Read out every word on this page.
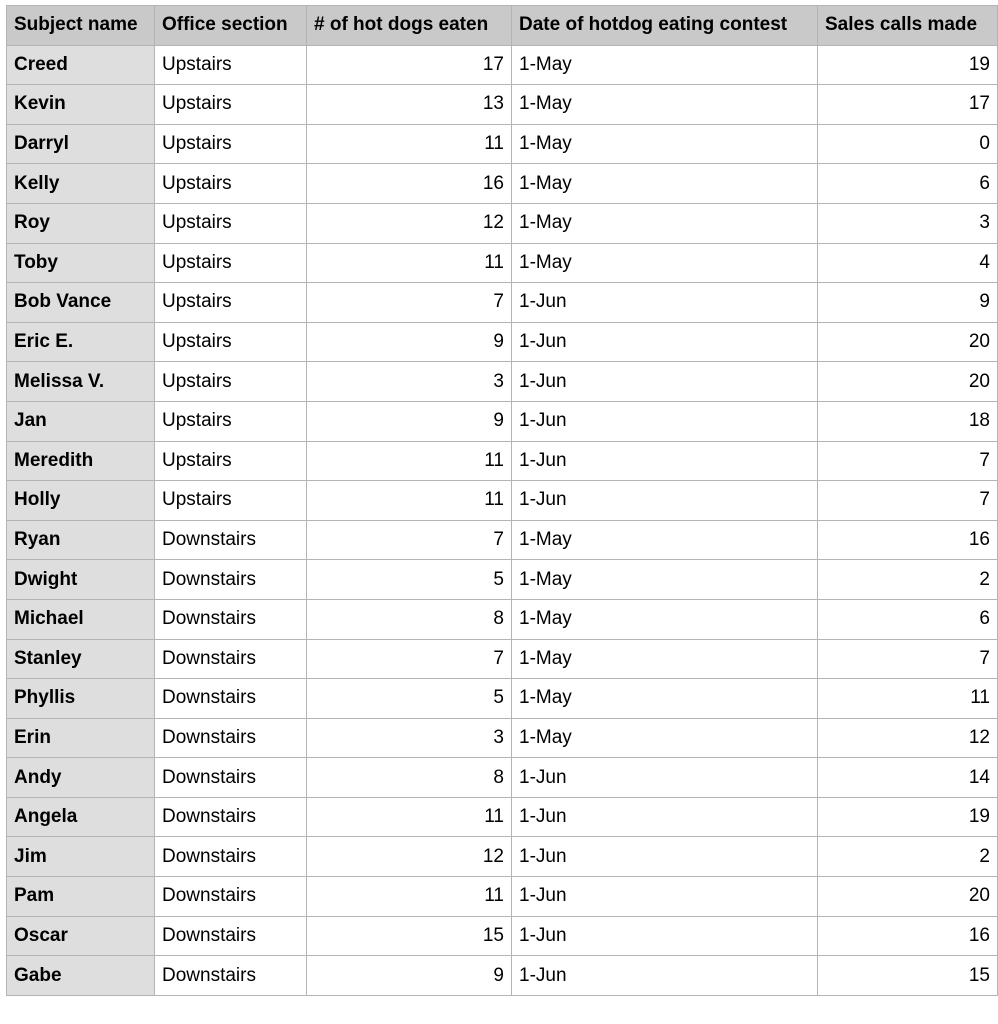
Subject name	Office section	# of hot dogs eaten	Date of hotdog eating contest	Sales calls made
Creed	Upstairs	17	1-May	19
Kevin	Upstairs	13	1-May	17
Darryl	Upstairs	11	1-May	0
Kelly	Upstairs	16	1-May	6
Roy	Upstairs	12	1-May	3
Toby	Upstairs	11	1-May	4
Bob Vance	Upstairs	7	1-Jun	9
Eric E.	Upstairs	9	1-Jun	20
Melissa V.	Upstairs	3	1-Jun	20
Jan	Upstairs	9	1-Jun	18
Meredith	Upstairs	11	1-Jun	7
Holly	Upstairs	11	1-Jun	7
Ryan	Downstairs	7	1-May	16
Dwight	Downstairs	5	1-May	2
Michael	Downstairs	8	1-May	6
Stanley	Downstairs	7	1-May	7
Phyllis	Downstairs	5	1-May	11
Erin	Downstairs	3	1-May	12
Andy	Downstairs	8	1-Jun	14
Angela	Downstairs	11	1-Jun	19
Jim	Downstairs	12	1-Jun	2
Pam	Downstairs	11	1-Jun	20
Oscar	Downstairs	15	1-Jun	16
Gabe	Downstairs	9	1-Jun	15
